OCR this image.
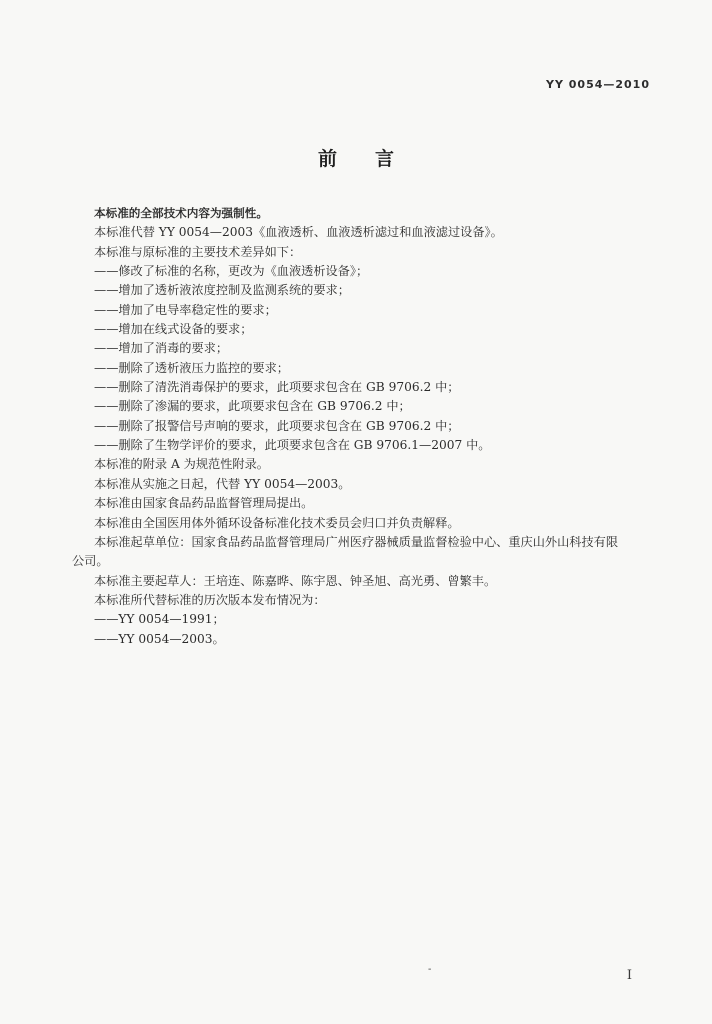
YY 0054—2010
前言
本标准的全部技术内容为强制性。
本标准代替 YY 0054—2003《血液透析、血液透析滤过和血液滤过设备》。
本标准与原标准的主要技术差异如下：
——修改了标准的名称，更改为《血液透析设备》；
——增加了透析液浓度控制及监测系统的要求；
——增加了电导率稳定性的要求；
——增加在线式设备的要求；
——增加了消毒的要求；
——删除了透析液压力监控的要求；
——删除了清洗消毒保护的要求，此项要求包含在 GB 9706.2 中；
——删除了渗漏的要求，此项要求包含在 GB 9706.2 中；
——删除了报警信号声响的要求，此项要求包含在 GB 9706.2 中；
——删除了生物学评价的要求，此项要求包含在 GB 9706.1—2007 中。
本标准的附录 A 为规范性附录。
本标准从实施之日起，代替 YY 0054—2003。
本标准由国家食品药品监督管理局提出。
本标准由全国医用体外循环设备标准化技术委员会归口并负责解释。
本标准起草单位：国家食品药品监督管理局广州医疗器械质量监督检验中心、重庆山外山科技有限
公司。
本标准主要起草人：王培连、陈嘉晔、陈宇恩、钟圣旭、高光勇、曾繁丰。
本标准所代替标准的历次版本发布情况为：
——YY 0054—1991；
——YY 0054—2003。
-	I
